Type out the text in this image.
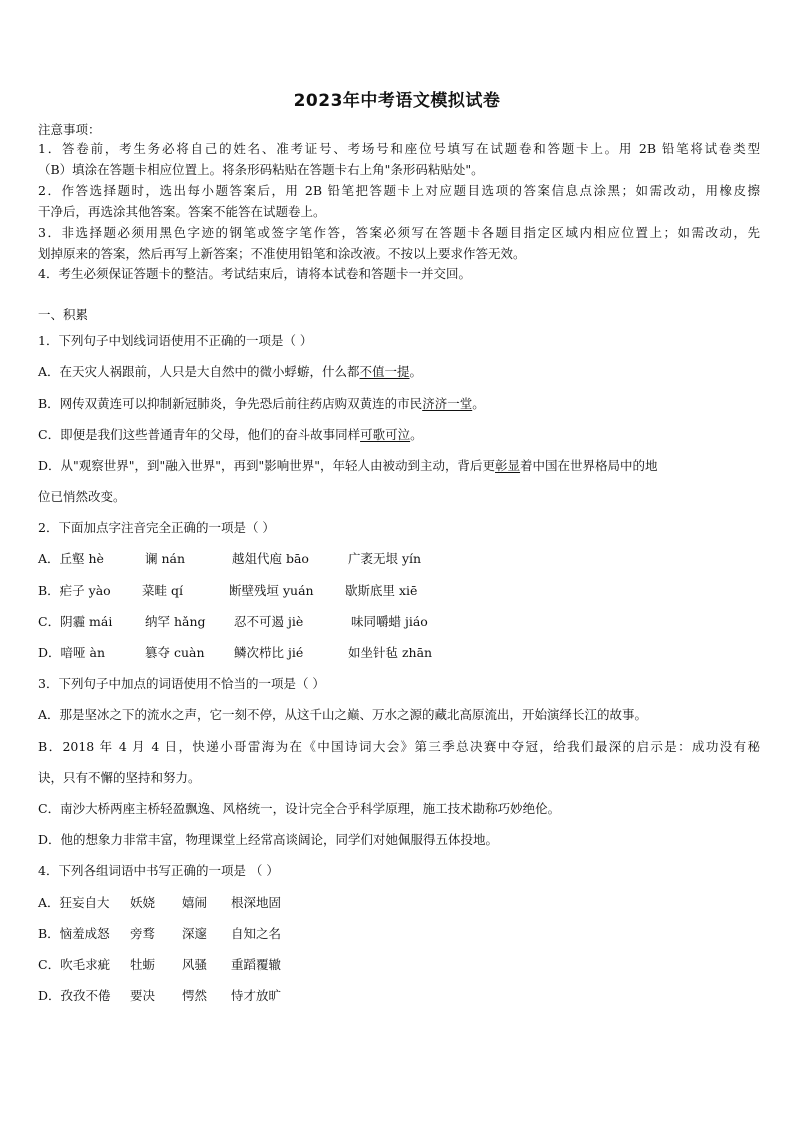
2023年中考语文模拟试卷
注意事项：
1．答卷前，考生务必将自己的姓名、准考证号、考场号和座位号填写在试题卷和答题卡上。用 2B 铅笔将试卷类型
（B）填涂在答题卡相应位置上。将条形码粘贴在答题卡右上角"条形码粘贴处"。
2．作答选择题时，选出每小题答案后，用 2B 铅笔把答题卡上对应题目选项的答案信息点涂黑；如需改动，用橡皮擦
干净后，再选涂其他答案。答案不能答在试题卷上。
3．非选择题必须用黑色字迹的钢笔或签字笔作答，答案必须写在答题卡各题目指定区域内相应位置上；如需改动，先
划掉原来的答案，然后再写上新答案；不准使用铅笔和涂改液。不按以上要求作答无效。
4．考生必须保证答题卡的整洁。考试结束后，请将本试卷和答题卡一并交回。
一、积累
1．下列句子中划线词语使用不正确的一项是（ ）
A．在天灾人祸跟前，人只是大自然中的微小蜉蝣，什么都不值一提。
B．网传双黄连可以抑制新冠肺炎，争先恐后前往药店购双黄连的市民济济一堂。
C．即便是我们这些普通青年的父母，他们的奋斗故事同样可歌可泣。
D．从"观察世界"，到"融入世界"，再到"影响世界"，年轻人由被动到主动，背后更彰显着中国在世界格局中的地
位已悄然改变。
2．下面加点字注音完全正确的一项是（ ）
A．丘壑 hè	谰 nán	越俎代庖 bāo	广袤无垠 yín
B．疟子 yào	菜畦 qí	断壁残垣 yuán	歇斯底里 xiē
C．阴霾 mái	纳罕 hǎng 忍不可遏 jiè	味同嚼蜡 jiáo
D．喑哑 àn	篡夺 cuàn 鳞次栉比 jié	如坐针毡 zhān
3．下列句子中加点的词语使用不恰当的一项是（ ）
A．那是坚冰之下的流水之声，它一刻不停，从这千山之巅、万水之源的藏北高原流出，开始演绎长江的故事。
B．2018 年 4 月 4 日，快递小哥雷海为在《中国诗词大会》第三季总决赛中夺冠，给我们最深的启示是：成功没有秘
诀，只有不懈的坚持和努力。
C．南沙大桥两座主桥轻盈飘逸、风格统一，设计完全合乎科学原理，施工技术勘称巧妙绝伦。
D．他的想象力非常丰富，物理课堂上经常高谈阔论，同学们对她佩服得五体投地。
4．下列各组词语中书写正确的一项是 （ ）
A．狂妄自大 妖娆 嬉闹 根深地固
B．恼羞成怒 旁骛 深邃 自知之名
C．吹毛求疵 牡蛎 风骚 重蹈覆辙
D．孜孜不倦 要决 愕然 恃才放旷
